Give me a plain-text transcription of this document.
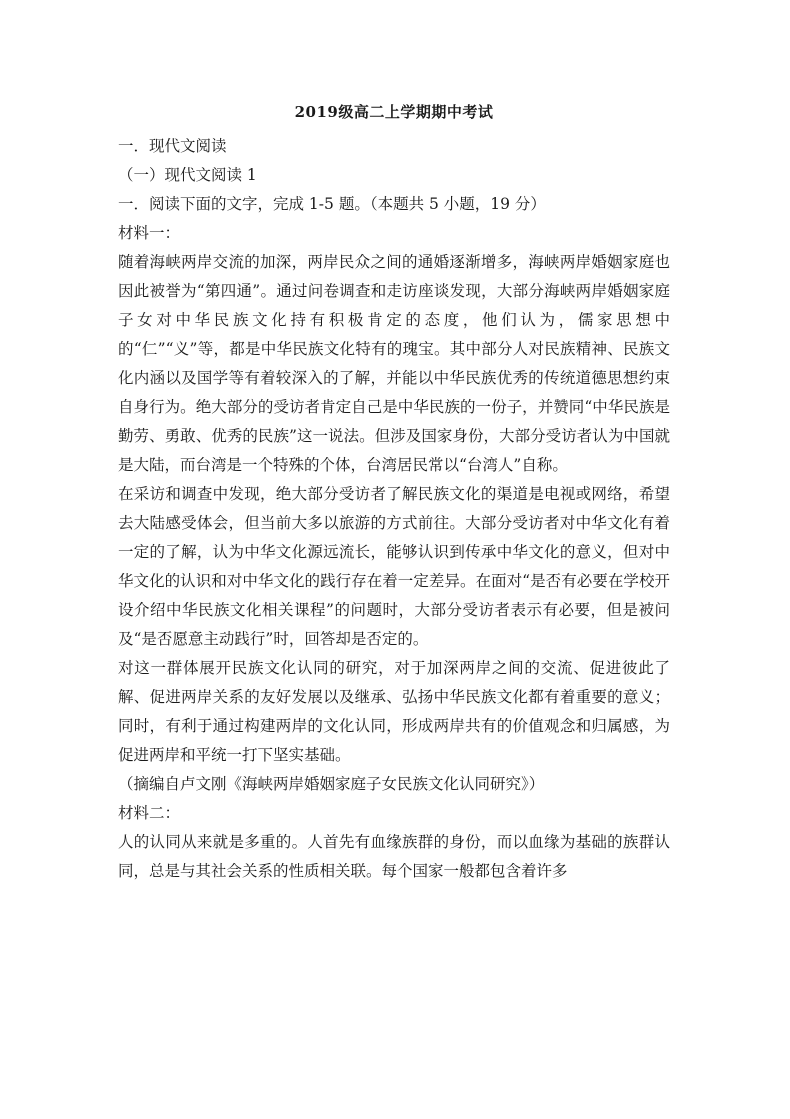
2019级高二上学期期中考试

一．现代文阅读

（一）现代文阅读 1

一．阅读下面的文字，完成 1-5 题。（本题共 5 小题，19 分）

材料一：

随着海峡两岸交流的加深，两岸民众之间的通婚逐渐增多，海峡两岸婚姻家庭也因此被誉为“第四通”。通过问卷调查和走访座谈发现，大部分海峡两岸婚姻家庭子女对中华民族文化持有积极肯定的态度，他们认为，儒家思想中的“仁”“义”等，都是中华民族文化特有的瑰宝。其中部分人对民族精神、民族文化内涵以及国学等有着较深入的了解，并能以中华民族优秀的传统道德思想约束自身行为。绝大部分的受访者肯定自己是中华民族的一份子，并赞同“中华民族是勤劳、勇敢、优秀的民族”这一说法。但涉及国家身份，大部分受访者认为中国就是大陆，而台湾是一个特殊的个体，台湾居民常以“台湾人”自称。

在采访和调查中发现，绝大部分受访者了解民族文化的渠道是电视或网络，希望去大陆感受体会，但当前大多以旅游的方式前往。大部分受访者对中华文化有着一定的了解，认为中华文化源远流长，能够认识到传承中华文化的意义，但对中华文化的认识和对中华文化的践行存在着一定差异。在面对“是否有必要在学校开设介绍中华民族文化相关课程”的问题时，大部分受访者表示有必要，但是被问及“是否愿意主动践行”时，回答却是否定的。

对这一群体展开民族文化认同的研究，对于加深两岸之间的交流、促进彼此了解、促进两岸关系的友好发展以及继承、弘扬中华民族文化都有着重要的意义；同时，有利于通过构建两岸的文化认同，形成两岸共有的价值观念和归属感，为促进两岸和平统一打下坚实基础。

（摘编自卢文刚《海峡两岸婚姻家庭子女民族文化认同研究》）

材料二：

人的认同从来就是多重的。人首先有血缘族群的身份，而以血缘为基础的族群认同，总是与其社会关系的性质相关联。每个国家一般都包含着许多
